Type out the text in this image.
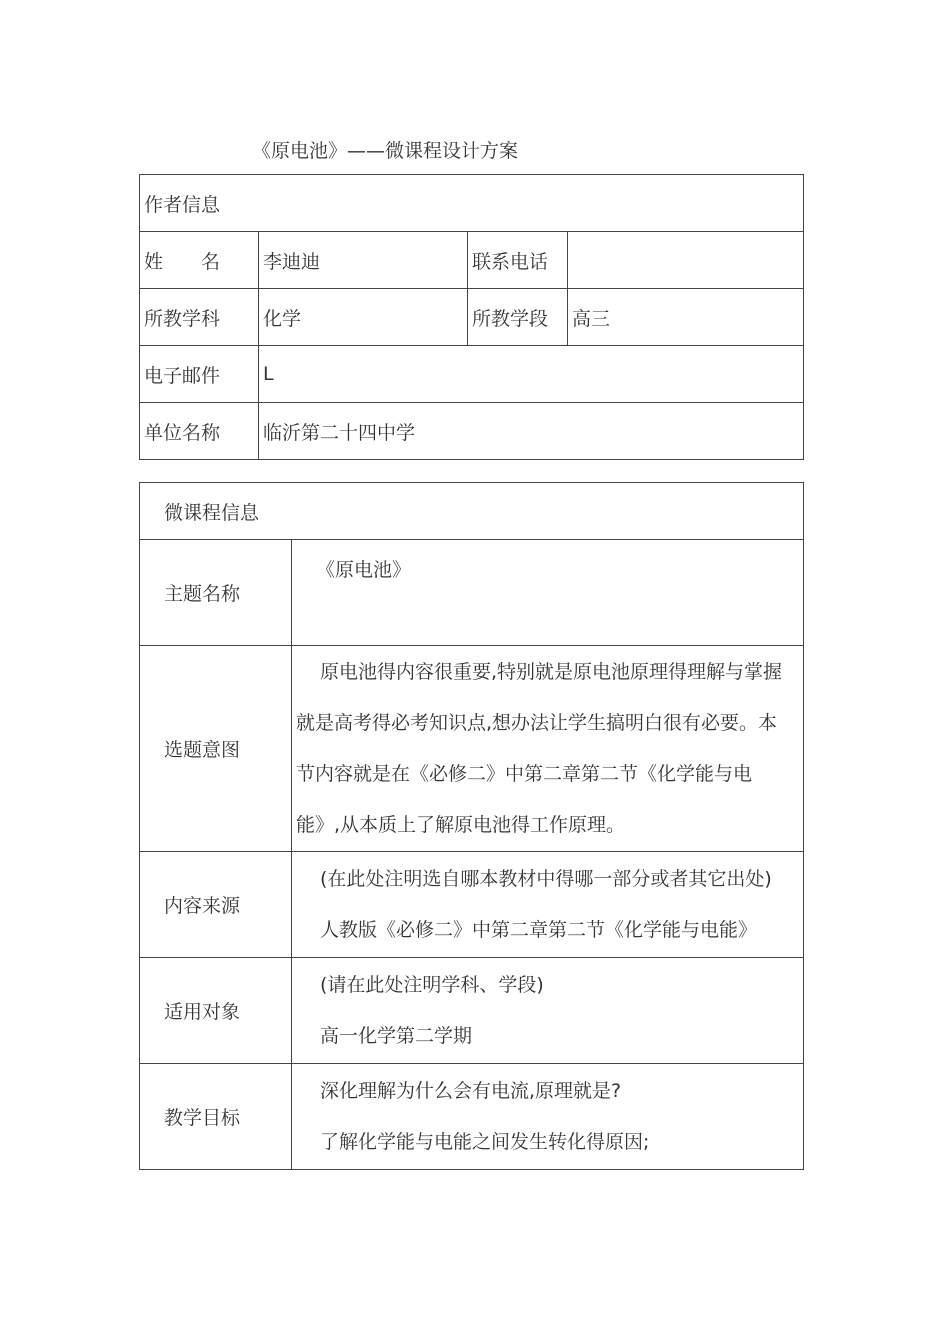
《原电池》——微课程设计方案
作者信息			
姓　　名	李迪迪	联系电话	
所教学科	化学	所教学段	高三
电子邮件	L		
单位名称	临沂第二十四中学		
微课程信息	
主题名称	《原电池》
选题意图	原电池得内容很重要,特别就是原电池原理得理解与掌握
就是高考得必考知识点,想办法让学生搞明白很有必要。本
节内容就是在《必修二》中第二章第二节《化学能与电
能》,从本质上了解原电池得工作原理。

内容来源	(在此处注明选自哪本教材中得哪一部分或者其它出处)
人教版《必修二》中第二章第二节《化学能与电能》

适用对象	(请在此处注明学科、学段)
高一化学第二学期

教学目标	深化理解为什么会有电流,原理就是?
了解化学能与电能之间发生转化得原因;
